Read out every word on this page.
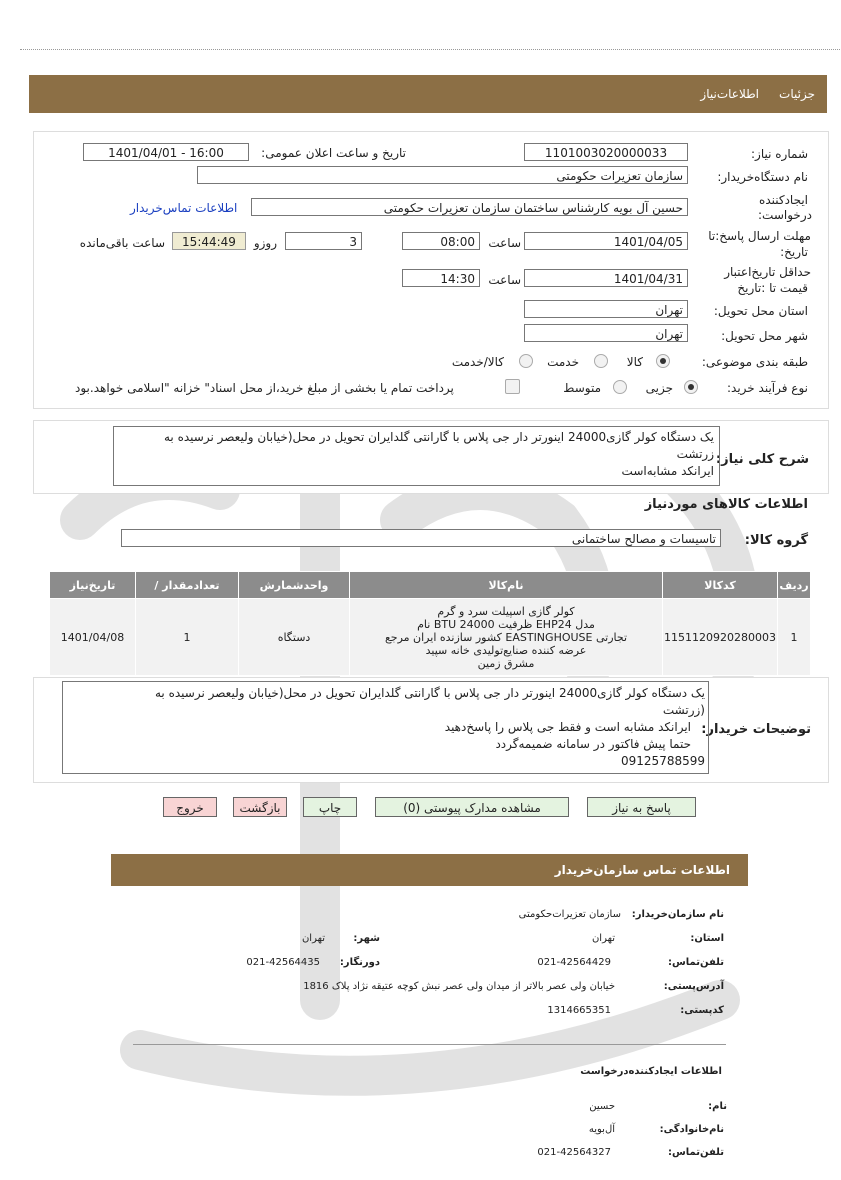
جزئیات
اطلاعات‌نیاز
شماره نیاز:
1101003020000033
تاریخ و ساعت اعلان عمومی:
1401/04/01 - 16:00
نام دستگاه‌خریدار:
سازمان تعزیرات حکومتی
ایجادکننده
درخواست:
حسین آل بویه کارشناس ساختمان سازمان تعزیرات حکومتی
اطلاعات تماس‌خریدار
مهلت ارسال پاسخ:تا
تاریخ:
1401/04/05
ساعت
08:00
3
روزو
15:44:49
ساعت باقی‌مانده
حداقل تاریخ‌اعتبار
قیمت تا :تاریخ
1401/04/31
ساعت
14:30
استان محل تحویل:
تهران
شهر محل تحویل:
تهران
طبقه بندی موضوعی:
کالا
خدمت
کالا/خدمت
نوع فرآیند خرید:
جزیی
متوسط
پرداخت تمام یا بخشی از مبلغ خرید،از محل اسناد" خزانه "اسلامی خواهد.بود
شرح کلی نیاز:
یک دستگاه کولر گازی24000 اینورتر دار جی پلاس با گارانتی گلدایران تحویل در محل(خیابان ولیعصر نرسیده به
زرتشت
ایرانکد مشابه‌است
اطلاعات کالاهای موردنیاز
گروه کالا:
تاسیسات و مصالح ساختمانی
ردیف	کدکالا	نام‌کالا	واحدشمارش	تعدادمقدار /	تاریخ‌نیاز
1	1151120920280003	کولر گازی اسپیلت سرد و گرم
مدل EHP24 ظرفیت BTU 24000 نام
تجارتی EASTINGHOUSE کشور سازنده ایران مرجع
عرضه کننده صنایع‌تولیدی خانه سپید
مشرق زمین	دستگاه	1	1401/04/08
توضیحات خریدار:
یک دستگاه کولر گازی24000 اینورتر دار جی پلاس با گارانتی گلدایران تحویل در محل(خیابان ولیعصر نرسیده به
(زرتشت
ایرانکد مشابه است و فقط جی پلاس را پاسخ‌دهید
حتما پیش فاکتور در سامانه ضمیمه‌گردد
09125788599
پاسخ به نیاز
مشاهده مدارک پیوستی (0)
چاپ
بازگشت
خروج
اطلاعات تماس سازمان‌خریدار
نام سازمان‌خریدار:
سازمان تعزیرات‌حکومتی
استان:
تهران
شهر:
تهران
تلفن‌تماس:
021-42564429
دورنگار:
021-42564435
آدرس‌پستی:
خیابان ولی عصر بالاتر از میدان ولی عصر نبش کوچه عتیقه نژاد پلاک 1816
کدپستی:
1314665351
اطلاعات ایجادکننده‌درخواست
نام:
حسین
نام‌خانوادگی:
آل‌بویه
تلفن‌تماس:
021-42564327
